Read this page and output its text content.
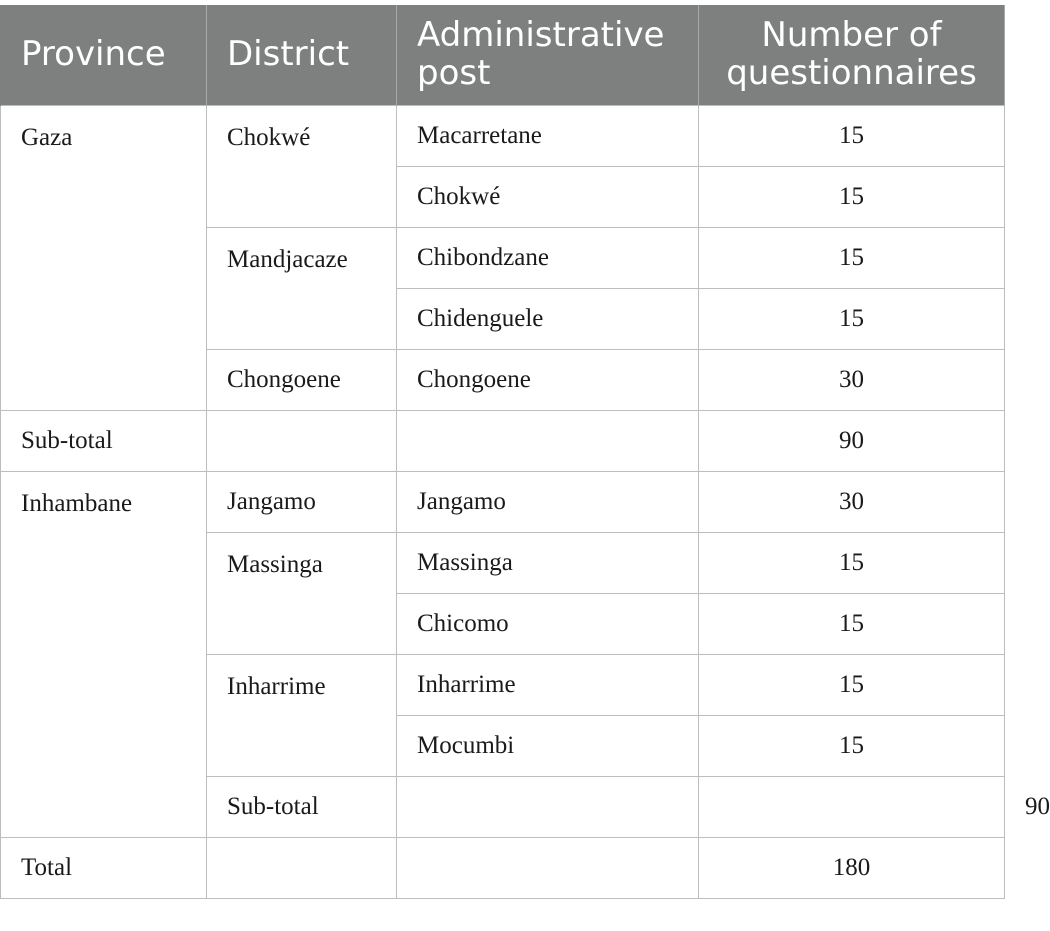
Province	District	Administrative post	Number of questionnaires	
Gaza	Chokwé	Macarretane	15	
		Chokwé	15	
	Mandjacaze	Chibondzane	15	
		Chidenguele	15	
	Chongoene	Chongoene	30	
Sub-total			90	
Inhambane	Jangamo	Jangamo	30	
	Massinga	Massinga	15	
		Chicomo	15	
	Inharrime	Inharrime	15	
		Mocumbi	15	
	Sub-total			90
Total			180	
